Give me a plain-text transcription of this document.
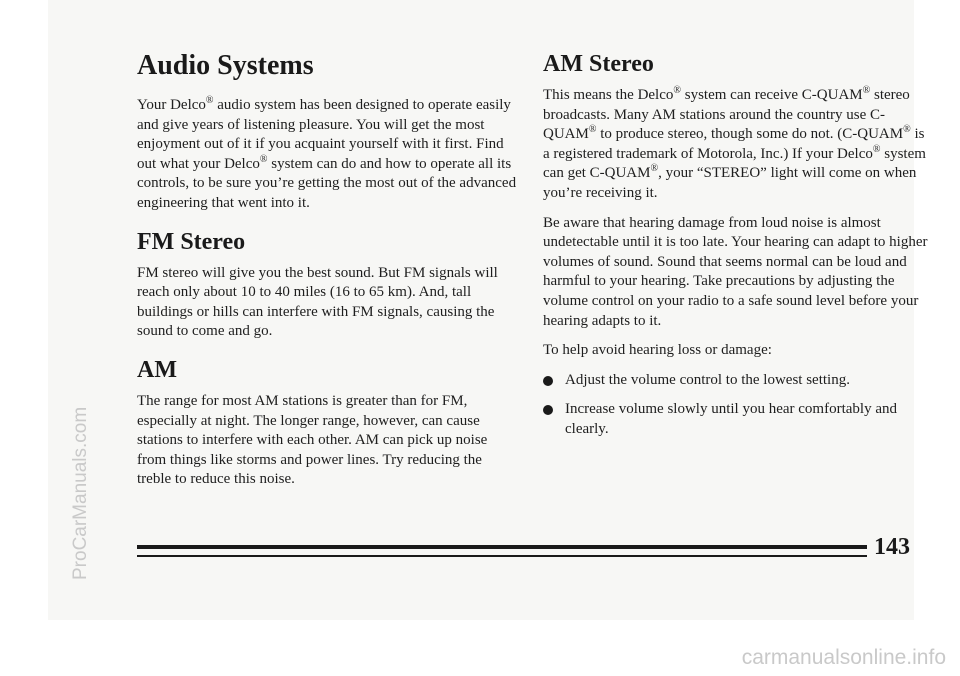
Audio Systems

Your Delco® audio system has been designed to operate easily and give years of listening pleasure. You will get the most enjoyment out of it if you acquaint yourself with it first. Find out what your Delco® system can do and how to operate all its controls, to be sure you’re getting the most out of the advanced engineering that went into it.

FM Stereo

FM stereo will give you the best sound. But FM signals will reach only about 10 to 40 miles (16 to 65 km). And, tall buildings or hills can interfere with FM signals, causing the sound to come and go.

AM

The range for most AM stations is greater than for FM, especially at night. The longer range, however, can cause stations to interfere with each other. AM can pick up noise from things like storms and power lines. Try reducing the treble to reduce this noise.

AM Stereo

This means the Delco® system can receive C-QUAM® stereo broadcasts. Many AM stations around the country use C-QUAM® to produce stereo, though some do not. (C-QUAM® is a registered trademark of Motorola, Inc.) If your Delco® system can get C-QUAM®, your “STEREO” light will come on when you’re receiving it.

Be aware that hearing damage from loud noise is almost undetectable until it is too late. Your hearing can adapt to higher volumes of sound. Sound that seems normal can be loud and harmful to your hearing. Take precautions by adjusting the volume control on your radio to a safe sound level before your hearing adapts to it.

To help avoid hearing loss or damage:

Adjust the volume control to the lowest setting.
Increase volume slowly until you hear comfortably and clearly.
143
ProCarManuals.com
carmanualsonline.info
